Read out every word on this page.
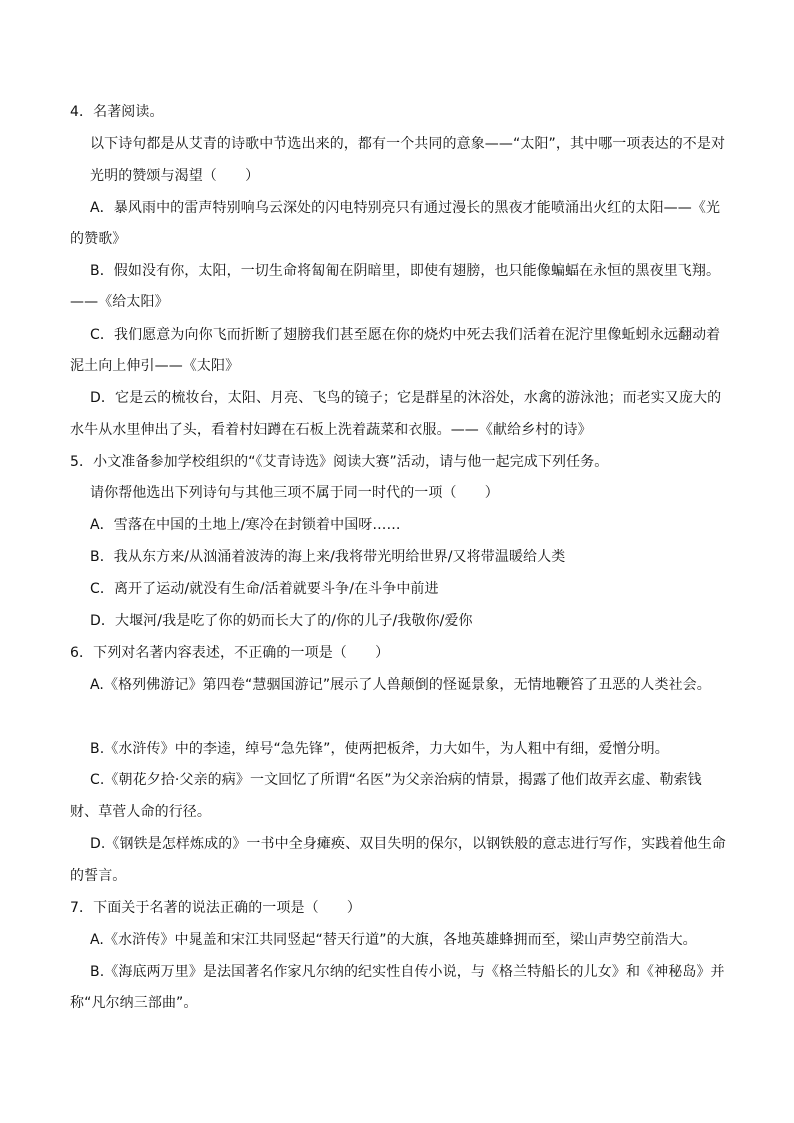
4．名著阅读。
以下诗句都是从艾青的诗歌中节选出来的，都有一个共同的意象——“太阳”，其中哪一项表达的不是对
光明的赞颂与渴望（　　）
A．暴风雨中的雷声特别响乌云深处的闪电特别亮只有通过漫长的黑夜才能喷涌出火红的太阳——《光
的赞歌》
B．假如没有你，太阳，一切生命将匐匍在阴暗里，即使有翅膀，也只能像蝙蝠在永恒的黑夜里飞翔。
——《给太阳》
C．我们愿意为向你飞而折断了翅膀我们甚至愿在你的烧灼中死去我们活着在泥泞里像蚯蚓永远翻动着
泥土向上伸引——《太阳》
D．它是云的梳妆台，太阳、月亮、飞鸟的镜子；它是群星的沐浴处，水禽的游泳池；而老实又庞大的
水牛从水里伸出了头，看着村妇蹲在石板上洗着蔬菜和衣服。——《献给乡村的诗》
5．小文准备参加学校组织的“《艾青诗选》阅读大赛”活动，请与他一起完成下列任务。
请你帮他选出下列诗句与其他三项不属于同一时代的一项（　　）
A．雪落在中国的土地上/寒冷在封锁着中国呀……
B．我从东方来/从汹涌着波涛的海上来/我将带光明给世界/又将带温暖给人类
C．离开了运动/就没有生命/活着就要斗争/在斗争中前进
D．大堰河/我是吃了你的奶而长大了的/你的儿子/我敬你/爱你
6．下列对名著内容表述，不正确的一项是（　　）
A.《格列佛游记》第四卷“慧骃国游记”展示了人兽颠倒的怪诞景象，无情地鞭笞了丑恶的人类社会。
B.《水浒传》中的李逵，绰号“急先锋”，使两把板斧，力大如牛，为人粗中有细，爱憎分明。
C.《朝花夕拾·父亲的病》一文回忆了所谓“名医”为父亲治病的情景，揭露了他们故弄玄虚、勒索钱
财、草菅人命的行径。
D.《钢铁是怎样炼成的》一书中全身瘫痪、双目失明的保尔，以钢铁般的意志进行写作，实践着他生命
的誓言。
7．下面关于名著的说法正确的一项是（　　）
A.《水浒传》中晁盖和宋江共同竖起“替天行道”的大旗，各地英雄蜂拥而至，梁山声势空前浩大。
B.《海底两万里》是法国著名作家凡尔纳的纪实性自传小说，与《格兰特船长的儿女》和《神秘岛》并
称“凡尔纳三部曲”。
